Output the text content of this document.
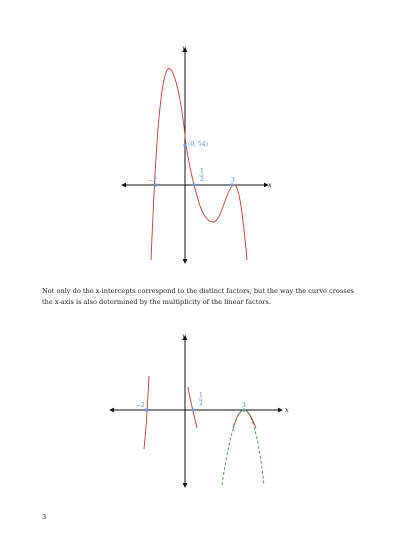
y
x
−2
1
2	3
(0, 54)

Not only do the x-intercepts correspond to the distinct factors, but the way the curve crosses the x-axis is also determined by the multiplicity of the linear factors.

y
x
−2
1
2	3
3
